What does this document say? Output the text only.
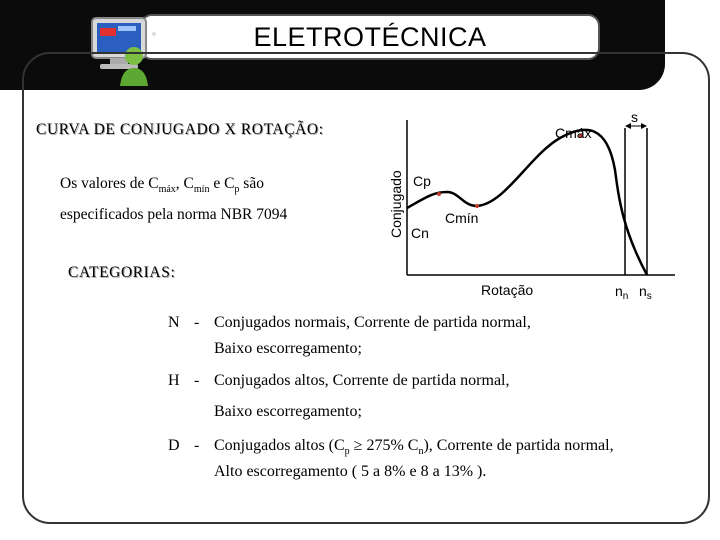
ELETROTÉCNICA
CURVA DE CONJUGADO X ROTAÇÃO:
Os valores de $C_{máx}$, $C_{mín}$ e $C_p$ são especificados pela norma NBR 7094
CATEGORIAS:
Conjugado
Cmáx
s
Cp
Cmín
Cn
Rotação	$n_n$ $n_s$
N - Conjugados normais, Corrente de partida normal,
Baixo escorregamento;
H - Conjugados altos, Corrente de partida normal,
Baixo escorregamento;
D - Conjugados altos ($C_p \ge 275\%$ $C_n$), Corrente de partida normal,
Alto escorregamento ( 5 a 8% e 8 a 13% ).
